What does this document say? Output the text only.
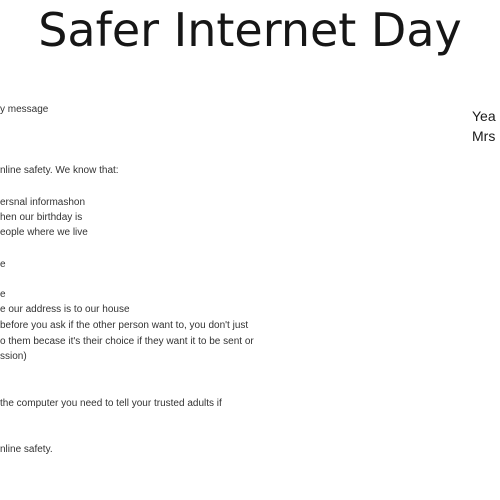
Safer Internet Day
y message
nline safety. We know that:
ersnal informashon
hen our birthday is
eople where we live
e
e
e our address is to our house
before you ask if the other person want to, you don't just
o them becase it's their choice if they want it to be sent or
ssion)
the computer you need to tell your trusted adults if
nline safety.
Yea
Mrs
